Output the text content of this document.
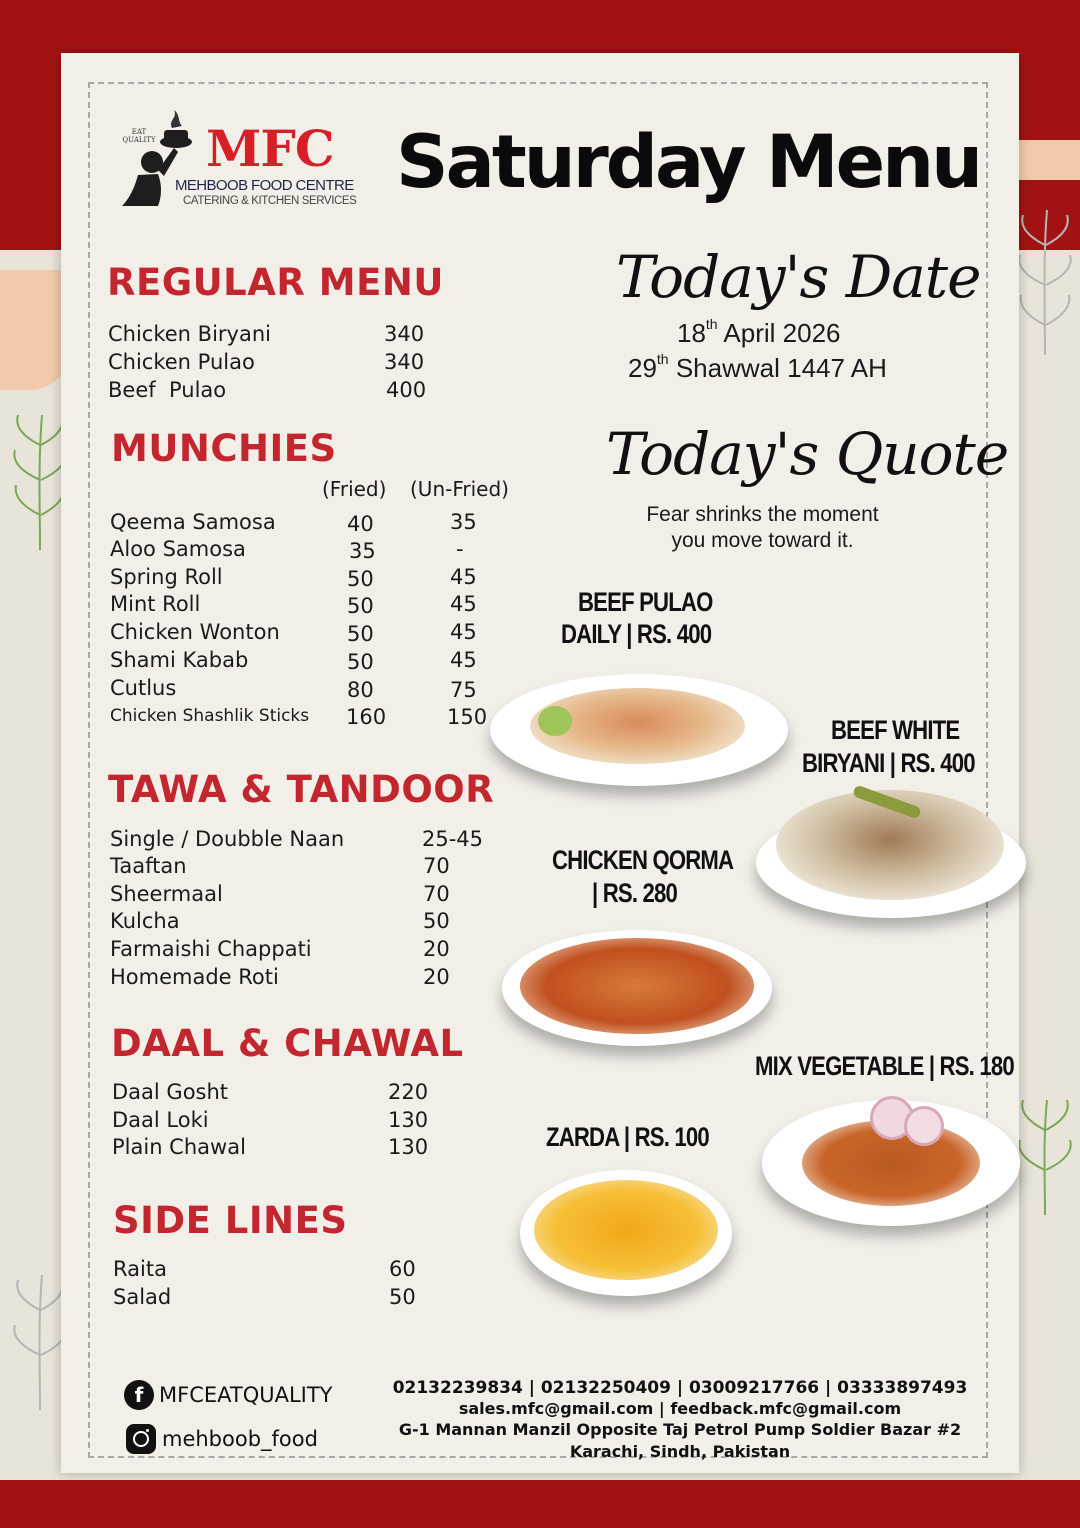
EAT
QUALITY MFC
MEHBOOB FOOD CENTRE
CATERING & KITCHEN SERVICES Saturday Menu
REGULAR MENU
Chicken Biryani	340
Chicken Pulao	340
Beef  Pulao	400
MUNCHIES
(Fried) (Un-Fried)
Qeema Samosa	40	35
Aloo Samosa	35	-
Spring Roll	50	45
Mint Roll	50	45
Chicken Wonton	50	45
Shami Kabab	50	45
Cutlus	80	75
Chicken Shashlik Sticks 160	150
TAWA & TANDOOR
Single / Doubble Naan	25-45
Taaftan	70
Sheermaal	70
Kulcha	50
Farmaishi Chappati	20
Homemade Roti	20
DAAL & CHAWAL
Daal Gosht	220
Daal Loki	130
Plain Chawal	130
SIDE LINES
Raita	60
Salad	50
Today's Date
18th April 2026
29th Shawwal 1447 AH
Today's Quote
Fear shrinks the moment
you move toward it.
BEEF PULAO
DAILY | RS. 400
BEEF WHITE
BIRYANI | RS. 400
CHICKEN QORMA
| RS. 280
MIX VEGETABLE | RS. 180
ZARDA | RS. 100
f MFCEATQUALITY
mehboob_food
02132239834 | 02132250409 | 03009217766 | 03333897493
sales.mfc@gmail.com | feedback.mfc@gmail.com
G-1 Mannan Manzil Opposite Taj Petrol Pump Soldier Bazar #2
Karachi, Sindh, Pakistan
